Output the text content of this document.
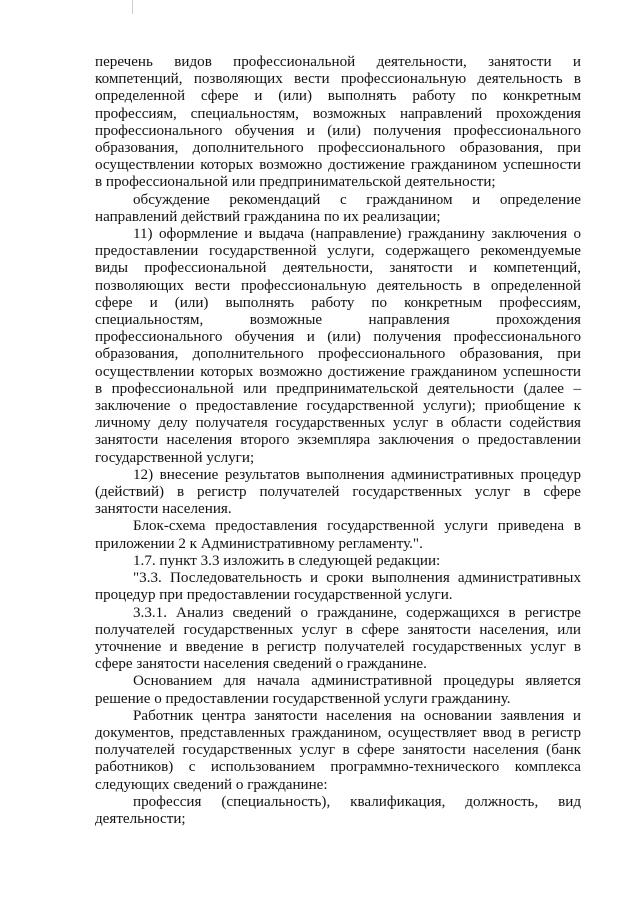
перечень видов профессиональной деятельности, занятости и компетенций, позволяющих вести профессиональную деятельность в определенной сфере и (или) выполнять работу по конкретным профессиям, специальностям, возможных направлений прохождения профессионального обучения и (или) получения профессионального образования, дополнительного профессионального образования, при осуществлении которых возможно достижение гражданином успешности в профессиональной или предпринимательской деятельности;

обсуждение рекомендаций с гражданином и определение направлений действий гражданина по их реализации;

11) оформление и выдача (направление) гражданину заключения о предоставлении государственной услуги, содержащего рекомендуемые виды профессиональной деятельности, занятости и компетенций, позволяющих вести профессиональную деятельность в определенной сфере и (или) выполнять работу по конкретным профессиям, специальностям, возможные направления прохождения профессионального обучения и (или) получения профессионального образования, дополнительного профессионального образования, при осуществлении которых возможно достижение гражданином успешности в профессиональной или предпринимательской деятельности (далее – заключение о предоставление государственной услуги); приобщение к личному делу получателя государственных услуг в области содействия занятости населения второго экземпляра заключения о предоставлении государственной услуги;

12) внесение результатов выполнения административных процедур (действий) в регистр получателей государственных услуг в сфере занятости населения.

Блок-схема предоставления государственной услуги приведена в приложении 2 к Административному регламенту.".

1.7. пункт 3.3 изложить в следующей редакции:

"3.3. Последовательность и сроки выполнения административных процедур при предоставлении государственной услуги.

3.3.1. Анализ сведений о гражданине, содержащихся в регистре получателей государственных услуг в сфере занятости населения, или уточнение и введение в регистр получателей государственных услуг в сфере занятости населения сведений о гражданине.

Основанием для начала административной процедуры является решение о предоставлении государственной услуги гражданину.

Работник центра занятости населения на основании заявления и документов, представленных гражданином, осуществляет ввод в регистр получателей государственных услуг в сфере занятости населения (банк работников) с использованием программно-технического комплекса следующих сведений о гражданине:

профессия (специальность), квалификация, должность, вид деятельности;
